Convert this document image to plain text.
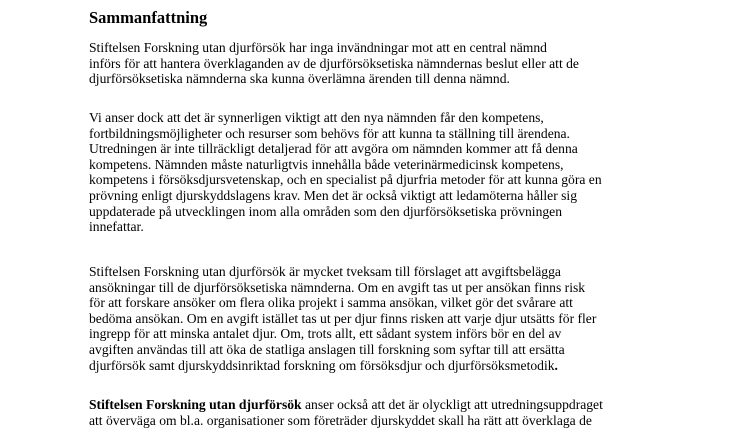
Sammanfattning

Stiftelsen Forskning utan djurförsök har inga invändningar mot att en central nämnd
införs för att hantera överklaganden av de djurförsöksetiska nämndernas beslut eller att de
djurförsöksetiska nämnderna ska kunna överlämna ärenden till denna nämnd.

Vi anser dock att det är synnerligen viktigt att den nya nämnden får den kompetens,
fortbildningsmöjligheter och resurser som behövs för att kunna ta ställning till ärendena.
Utredningen är inte tillräckligt detaljerad för att avgöra om nämnden kommer att få denna
kompetens. Nämnden måste naturligtvis innehålla både veterinärmedicinsk kompetens,
kompetens i försöksdjursvetenskap, och en specialist på djurfria metoder för att kunna göra en
prövning enligt djurskyddslagens krav. Men det är också viktigt att ledamöterna håller sig
uppdaterade på utvecklingen inom alla områden som den djurförsöksetiska prövningen
innefattar.

Stiftelsen Forskning utan djurförsök är mycket tveksam till förslaget att avgiftsbelägga
ansökningar till de djurförsöksetiska nämnderna. Om en avgift tas ut per ansökan finns risk
för att forskare ansöker om flera olika projekt i samma ansökan, vilket gör det svårare att
bedöma ansökan. Om en avgift istället tas ut per djur finns risken att varje djur utsätts för fler
ingrepp för att minska antalet djur. Om, trots allt, ett sådant system införs bör en del av
avgiften användas till att öka de statliga anslagen till forskning som syftar till att ersätta
djurförsök samt djurskyddsinriktad forskning om försöksdjur och djurförsöksmetodik.

Stiftelsen Forskning utan djurförsök anser också att det är olyckligt att utredningsuppdraget
att överväga om bl.a. organisationer som företräder djurskyddet skall ha rätt att överklaga de
